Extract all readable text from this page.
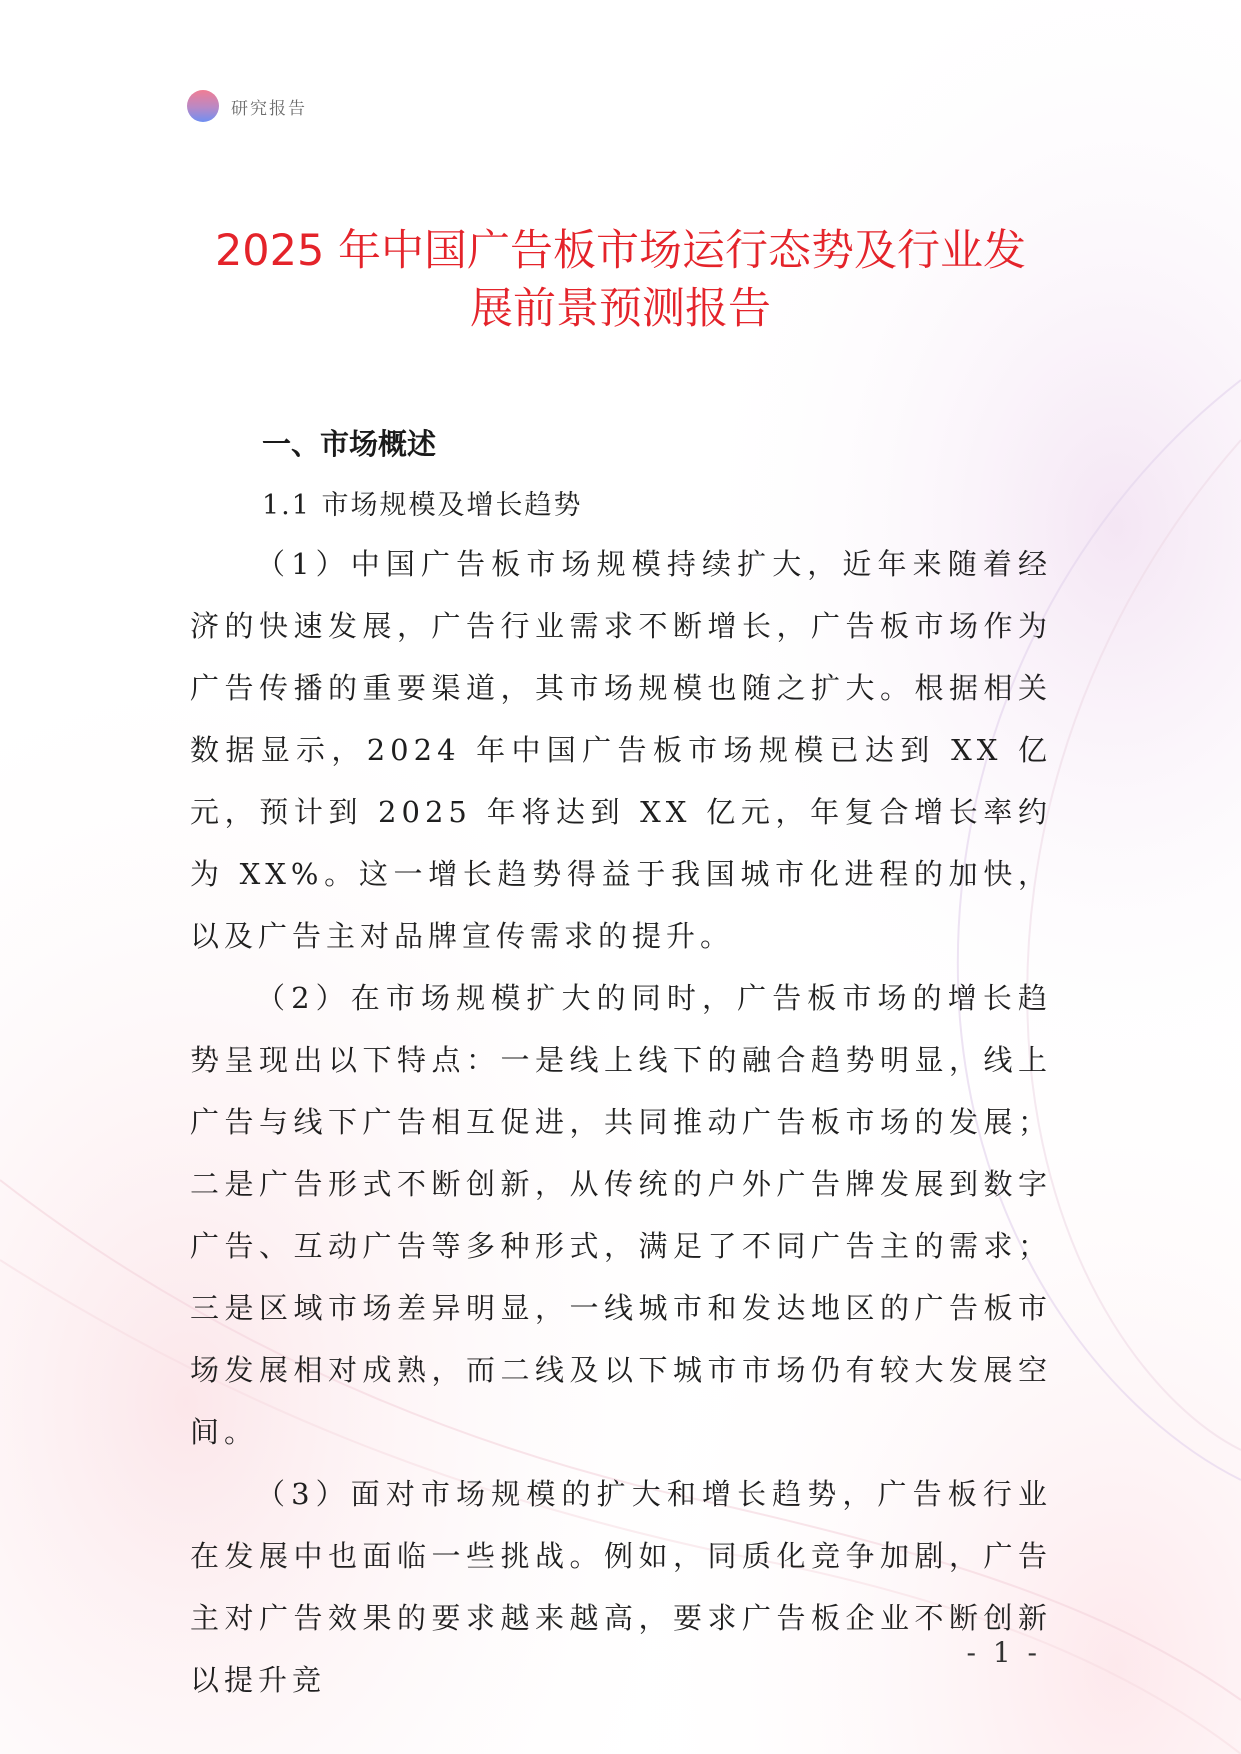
研究报告
2025 年中国广告板市场运行态势及行业发
展前景预测报告
一、市场概述
1.1 市场规模及增长趋势

（1）中国广告板市场规模持续扩大，近年来随着经济的快速发展，广告行业需求不断增长，广告板市场作为广告传播的重要渠道，其市场规模也随之扩大。根据相关数据显示，2024 年中国广告板市场规模已达到 XX 亿元，预计到 2025 年将达到 XX 亿元，年复合增长率约为 XX%。这一增长趋势得益于我国城市化进程的加快，以及广告主对品牌宣传需求的提升。

（2）在市场规模扩大的同时，广告板市场的增长趋势呈现出以下特点：一是线上线下的融合趋势明显，线上广告与线下广告相互促进，共同推动广告板市场的发展；二是广告形式不断创新，从传统的户外广告牌发展到数字广告、互动广告等多种形式，满足了不同广告主的需求；三是区域市场差异明显，一线城市和发达地区的广告板市场发展相对成熟，而二线及以下城市市场仍有较大发展空间。

（3）面对市场规模的扩大和增长趋势，广告板行业在发展中也面临一些挑战。例如，同质化竞争加剧，广告主对广告效果的要求越来越高，要求广告板企业不断创新以提升竞

- 1 -
